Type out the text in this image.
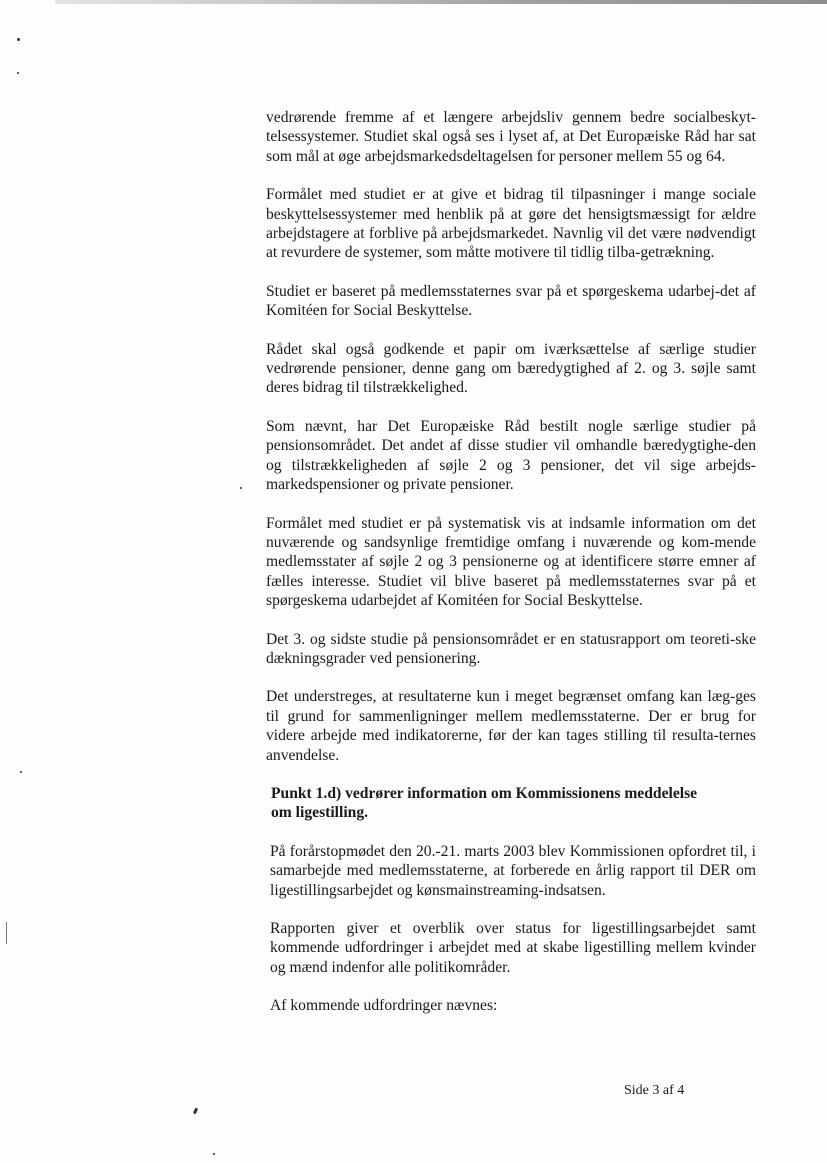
vedrørende fremme af et længere arbejdsliv gennem bedre socialbeskyt-telsessystemer. Studiet skal også ses i lyset af, at Det Europæiske Råd har sat som mål at øge arbejdsmarkedsdeltagelsen for personer mellem 55 og 64.

Formålet med studiet er at give et bidrag til tilpasninger i mange sociale beskyttelsessystemer med henblik på at gøre det hensigtsmæssigt for ældre arbejdstagere at forblive på arbejdsmarkedet. Navnlig vil det være nødvendigt at revurdere de systemer, som måtte motivere til tidlig tilba-getrækning.

Studiet er baseret på medlemsstaternes svar på et spørgeskema udarbej-det af Komitéen for Social Beskyttelse.

Rådet skal også godkende et papir om iværksættelse af særlige studier vedrørende pensioner, denne gang om bæredygtighed af 2. og 3. søjle samt deres bidrag til tilstrækkelighed.

Som nævnt, har Det Europæiske Råd bestilt nogle særlige studier på pensionsområdet. Det andet af disse studier vil omhandle bæredygtighe-den og tilstrækkeligheden af søjle 2 og 3 pensioner, det vil sige arbejds-markedspensioner og private pensioner.

Formålet med studiet er på systematisk vis at indsamle information om det nuværende og sandsynlige fremtidige omfang i nuværende og kom-mende medlemsstater af søjle 2 og 3 pensionerne og at identificere større emner af fælles interesse. Studiet vil blive baseret på medlemsstaternes svar på et spørgeskema udarbejdet af Komitéen for Social Beskyttelse.

Det 3. og sidste studie på pensionsområdet er en statusrapport om teoreti-ske dækningsgrader ved pensionering.

Det understreges, at resultaterne kun i meget begrænset omfang kan læg-ges til grund for sammenligninger mellem medlemsstaterne. Der er brug for videre arbejde med indikatorerne, før der kan tages stilling til resulta-ternes anvendelse.

Punkt 1.d) vedrører information om Kommissionens meddelelse om ligestilling.

På forårstopmødet den 20.-21. marts 2003 blev Kommissionen opfordret til, i samarbejde med medlemsstaterne, at forberede en årlig rapport til DER om ligestillingsarbejdet og kønsmainstreaming-indsatsen.

Rapporten giver et overblik over status for ligestillingsarbejdet samt kommende udfordringer i arbejdet med at skabe ligestilling mellem kvinder og mænd indenfor alle politikområder.

Af kommende udfordringer nævnes:

Side 3 af 4
